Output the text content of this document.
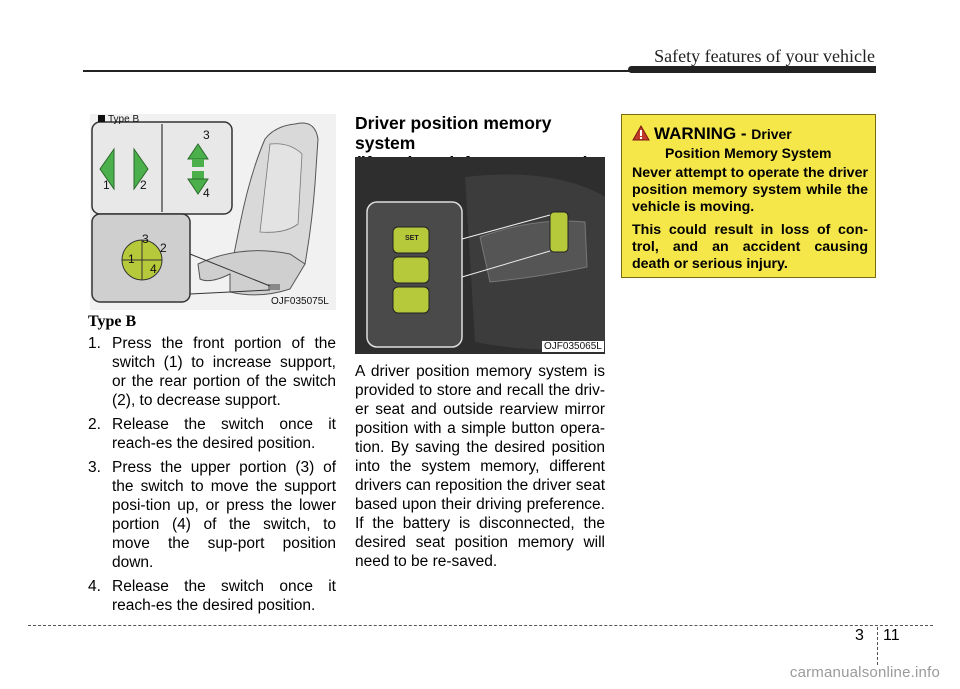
Safety features of your vehicle
1	2
3
4
1
2
3
4
OJF035075L
Type B
Type B
1. Press the front portion of the switch (1) to increase support, or the rear portion of the switch (2), to decrease support.
2. Release the switch once it reach-es the desired position.
3. Press the upper portion (3) of the switch to move the support posi-tion up, or press the lower portion (4) of the switch, to move the sup-port position down.
4. Release the switch once it reach-es the desired position.
Driver position memory system
SET
OJF035065L

A driver position memory system is provided to store and recall the driv-er seat and outside rearview mirror position with a simple button opera-tion. By saving the desired position into the system memory, different drivers can reposition the driver seat based upon their driving preference. If the battery is disconnected, the desired seat position memory will need to be re-saved.

WARNING - Driver
Position Memory System

Never attempt to operate the driver position memory system while the vehicle is moving.

This could result in loss of con-trol, and an accident causing death or serious injury.

3 11
carmanualsonline.info
